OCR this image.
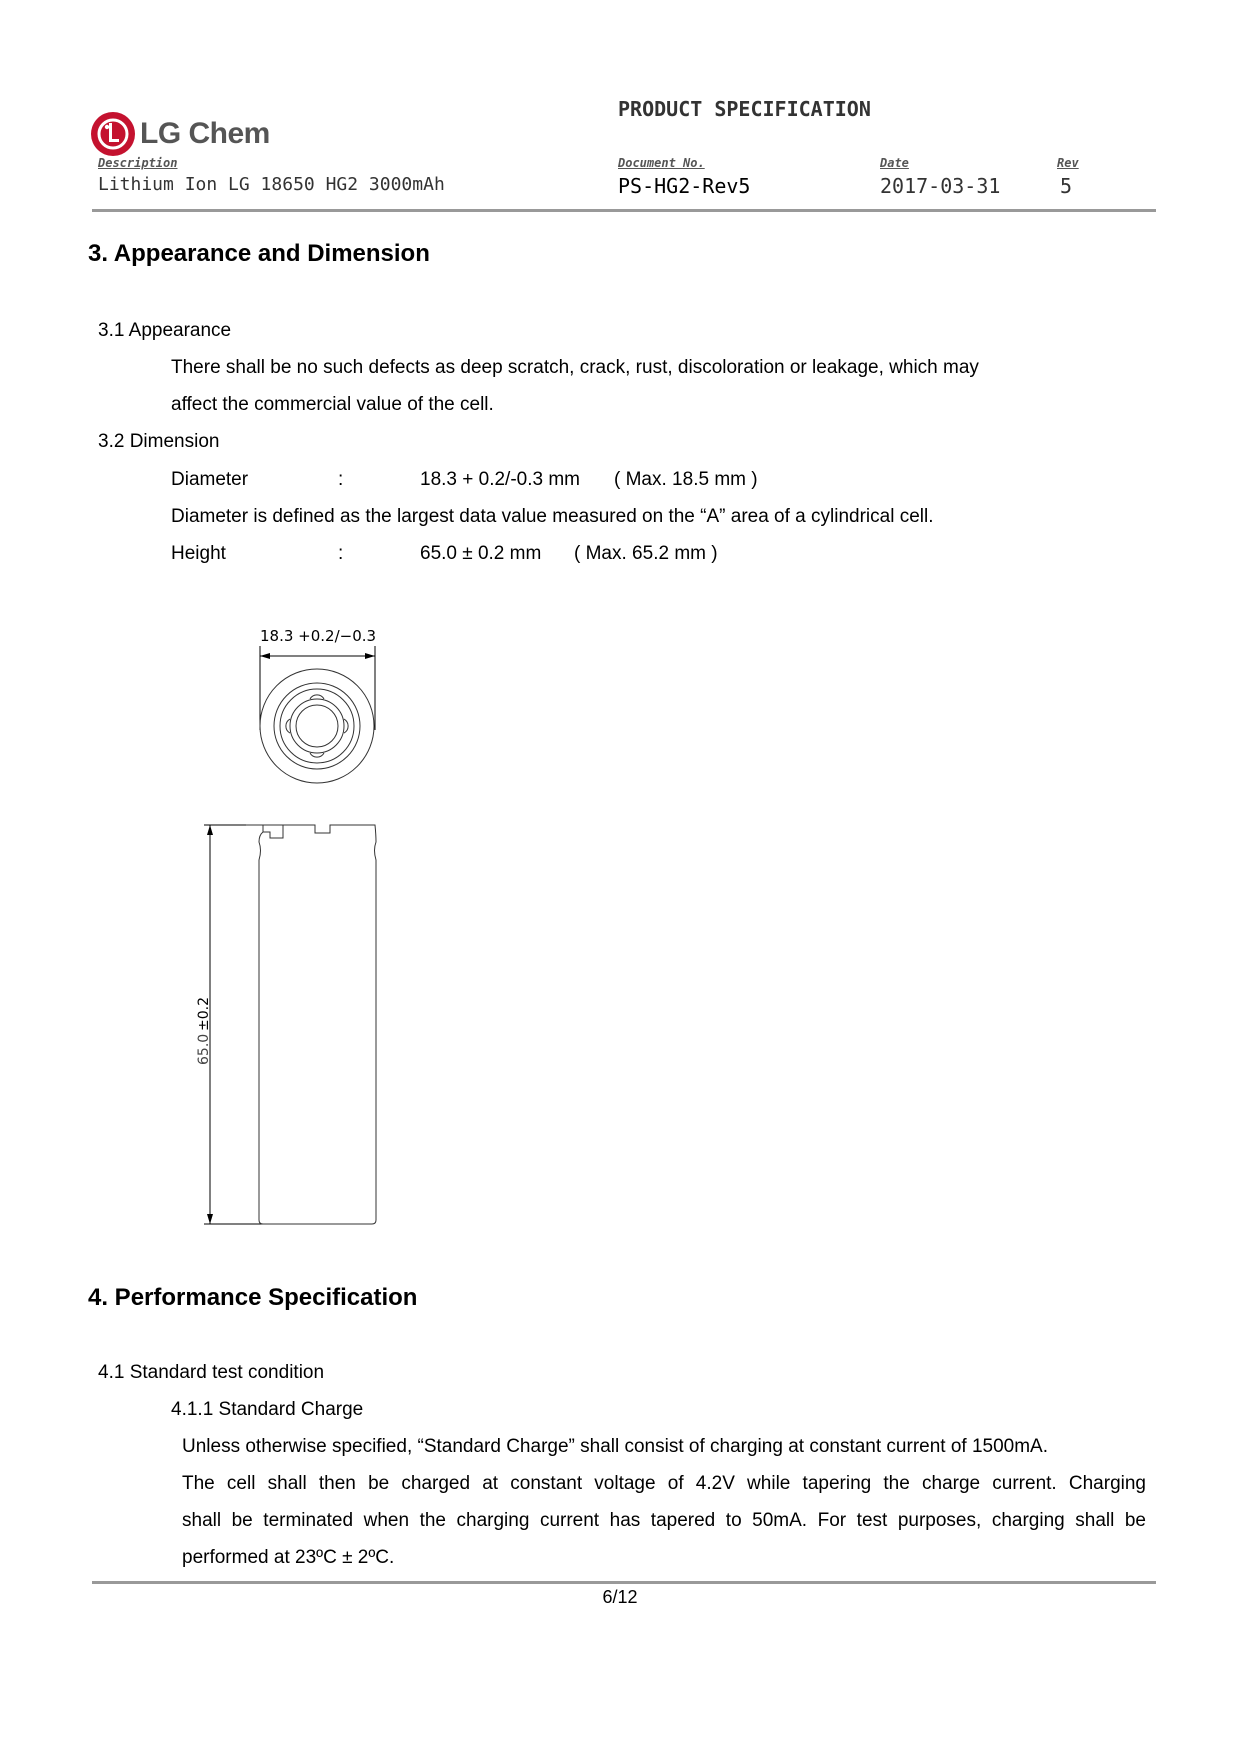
LG Chem
PRODUCT SPECIFICATION
Description
Lithium Ion LG 18650 HG2 3000mAh
Document No.
PS-HG2-Rev5
Date
2017-03-31
Rev
5
3. Appearance and Dimension
3.1 Appearance
There shall be no such defects as deep scratch, crack, rust, discoloration or leakage, which may
affect the commercial value of the cell.
3.2 Dimension
Diameter	:	18.3 + 0.2/-0.3 mm ( Max. 18.5 mm )
Diameter is defined as the largest data value measured on the “A” area of a cylindrical cell.
Height	:	65.0 ± 0.2 mm ( Max. 65.2 mm )
18.3 +0.2/−0.3
65.0
±0.2
4. Performance Specification
4.1 Standard test condition
4.1.1 Standard Charge
Unless otherwise specified, “Standard Charge” shall consist of charging at constant current of 1500mA.
The cell shall then be charged at constant voltage of 4.2V while tapering the charge current. Charging
shall be terminated when the charging current has tapered to 50mA. For test purposes, charging shall be
performed at 23ºC ± 2ºC.
6/12
